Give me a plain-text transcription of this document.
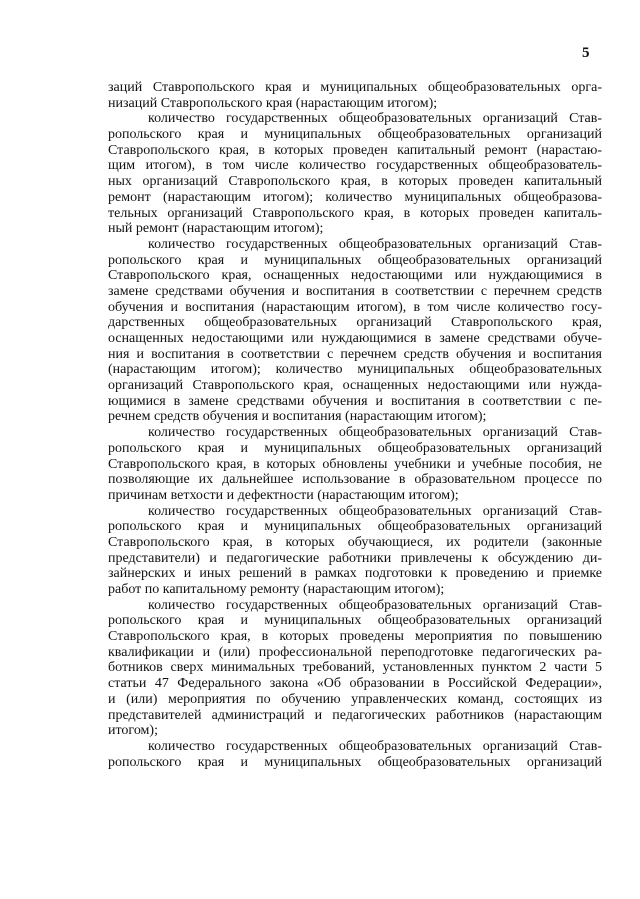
5
заций Ставропольского края и муниципальных общеобразовательных орга-
низаций Ставропольского края (нарастающим итогом);
количество государственных общеобразовательных организаций Став-
ропольского края и муниципальных общеобразовательных организаций
Ставропольского края, в которых проведен капитальный ремонт (нарастаю-
щим итогом), в том числе количество государственных общеобразователь-
ных организаций Ставропольского края, в которых проведен капитальный
ремонт (нарастающим итогом); количество муниципальных общеобразова-
тельных организаций Ставропольского края, в которых проведен капиталь-
ный ремонт (нарастающим итогом);
количество государственных общеобразовательных организаций Став-
ропольского края и муниципальных общеобразовательных организаций
Ставропольского края, оснащенных недостающими или нуждающимися в
замене средствами обучения и воспитания в соответствии с перечнем средств
обучения и воспитания (нарастающим итогом), в том числе количество госу-
дарственных общеобразовательных организаций Ставропольского края,
оснащенных недостающими или нуждающимися в замене средствами обуче-
ния и воспитания в соответствии с перечнем средств обучения и воспитания
(нарастающим итогом); количество муниципальных общеобразовательных
организаций Ставропольского края, оснащенных недостающими или нужда-
ющимися в замене средствами обучения и воспитания в соответствии с пе-
речнем средств обучения и воспитания (нарастающим итогом);
количество государственных общеобразовательных организаций Став-
ропольского края и муниципальных общеобразовательных организаций
Ставропольского края, в которых обновлены учебники и учебные пособия, не
позволяющие их дальнейшее использование в образовательном процессе по
причинам ветхости и дефектности (нарастающим итогом);
количество государственных общеобразовательных организаций Став-
ропольского края и муниципальных общеобразовательных организаций
Ставропольского края, в которых обучающиеся, их родители (законные
представители) и педагогические работники привлечены к обсуждению ди-
зайнерских и иных решений в рамках подготовки к проведению и приемке
работ по капитальному ремонту (нарастающим итогом);
количество государственных общеобразовательных организаций Став-
ропольского края и муниципальных общеобразовательных организаций
Ставропольского края, в которых проведены мероприятия по повышению
квалификации и (или) профессиональной переподготовке педагогических ра-
ботников сверх минимальных требований, установленных пунктом 2 части 5
статьи 47 Федерального закона «Об образовании в Российской Федерации»,
и (или) мероприятия по обучению управленческих команд, состоящих из
представителей администраций и педагогических работников (нарастающим
итогом);
количество государственных общеобразовательных организаций Став-
ропольского края и муниципальных общеобразовательных организаций
